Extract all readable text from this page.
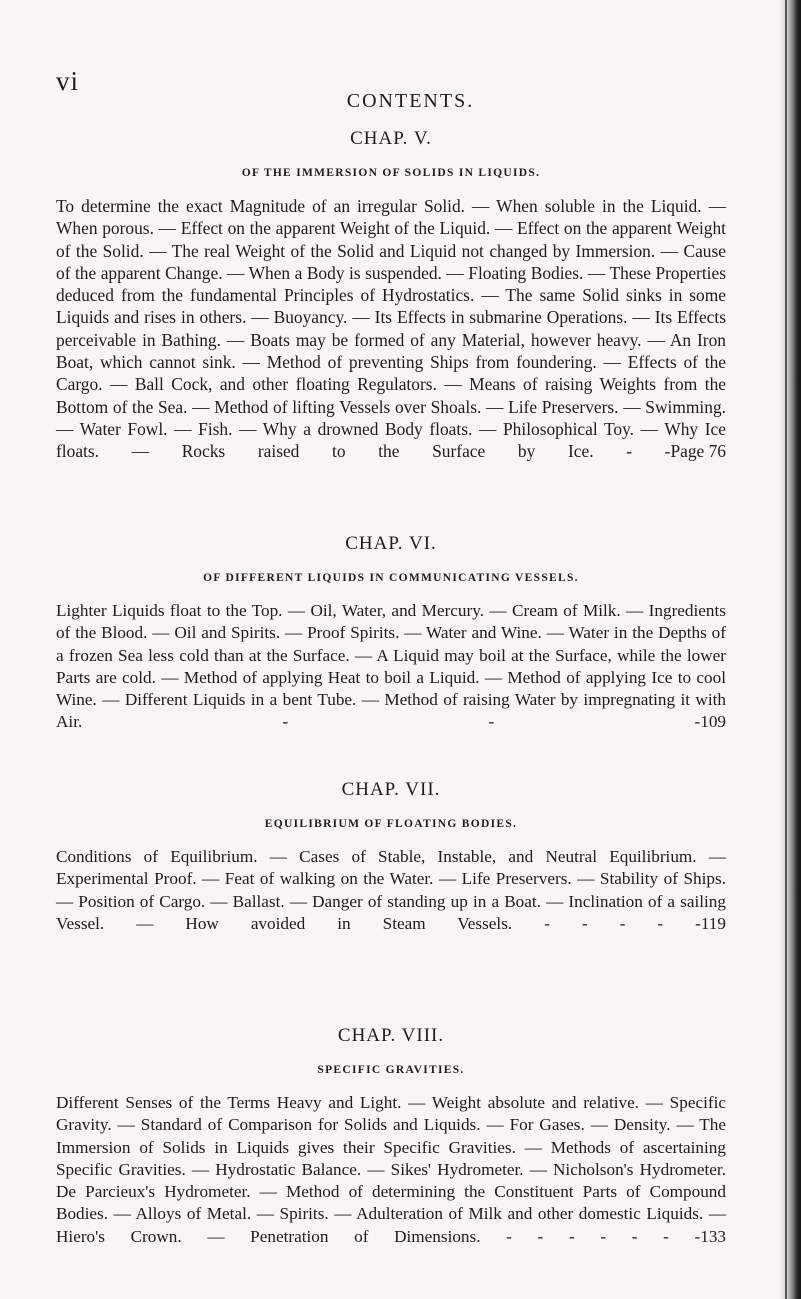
vi
CONTENTS.
CHAP. V.
OF THE IMMERSION OF SOLIDS IN LIQUIDS.
To determine the exact Magnitude of an irregular Solid. — When soluble in the Liquid. — When porous. — Effect on the apparent Weight of the Liquid. — Effect on the apparent Weight of the Solid. — The real Weight of the Solid and Liquid not changed by Immersion. — Cause of the apparent Change. — When a Body is suspended. — Floating Bodies. — These Properties deduced from the fundamental Principles of Hydrostatics. — The same Solid sinks in some Liquids and rises in others. — Buoyancy. — Its Effects in submarine Operations. — Its Effects perceivable in Bathing. — Boats may be formed of any Material, however heavy. — An Iron Boat, which cannot sink. — Method of preventing Ships from foundering. — Effects of the Cargo. — Ball Cock, and other floating Regulators. — Means of raising Weights from the Bottom of the Sea. — Method of lifting Vessels over Shoals. — Life Preservers. — Swimming. — Water Fowl. — Fish. — Why a drowned Body floats. — Philosophical Toy. — Why Ice floats. — Rocks raised to the Surface by Ice. - - Page 76
CHAP. VI.
OF DIFFERENT LIQUIDS IN COMMUNICATING VESSELS.
Lighter Liquids float to the Top. — Oil, Water, and Mercury. — Cream of Milk. — Ingredients of the Blood. — Oil and Spirits. — Proof Spirits. — Water and Wine. — Water in the Depths of a frozen Sea less cold than at the Surface. — A Liquid may boil at the Surface, while the lower Parts are cold. — Method of applying Heat to boil a Liquid. — Method of applying Ice to cool Wine. — Different Liquids in a bent Tube. — Method of raising Water by impregnating it with Air. - - - 109
CHAP. VII.
EQUILIBRIUM OF FLOATING BODIES.
Conditions of Equilibrium. — Cases of Stable, Instable, and Neutral Equilibrium. — Experimental Proof. — Feat of walking on the Water. — Life Preservers. — Stability of Ships. — Position of Cargo. — Ballast. — Danger of standing up in a Boat. — Inclination of a sailing Vessel. — How avoided in Steam Vessels. - - - - - 119
CHAP. VIII.
SPECIFIC GRAVITIES.
Different Senses of the Terms Heavy and Light. — Weight absolute and relative. — Specific Gravity. — Standard of Comparison for Solids and Liquids. — For Gases. — Density. — The Immersion of Solids in Liquids gives their Specific Gravities. — Methods of ascertaining Specific Gravities. — Hydrostatic Balance. — Sikes' Hydrometer. — Nicholson's Hydrometer. De Parcieux's Hydrometer. — Method of determining the Constituent Parts of Compound Bodies. — Alloys of Metal. — Spirits. — Adulteration of Milk and other domestic Liquids. — Hiero's Crown. — Penetration of Dimensions. - - - - - - - 133
